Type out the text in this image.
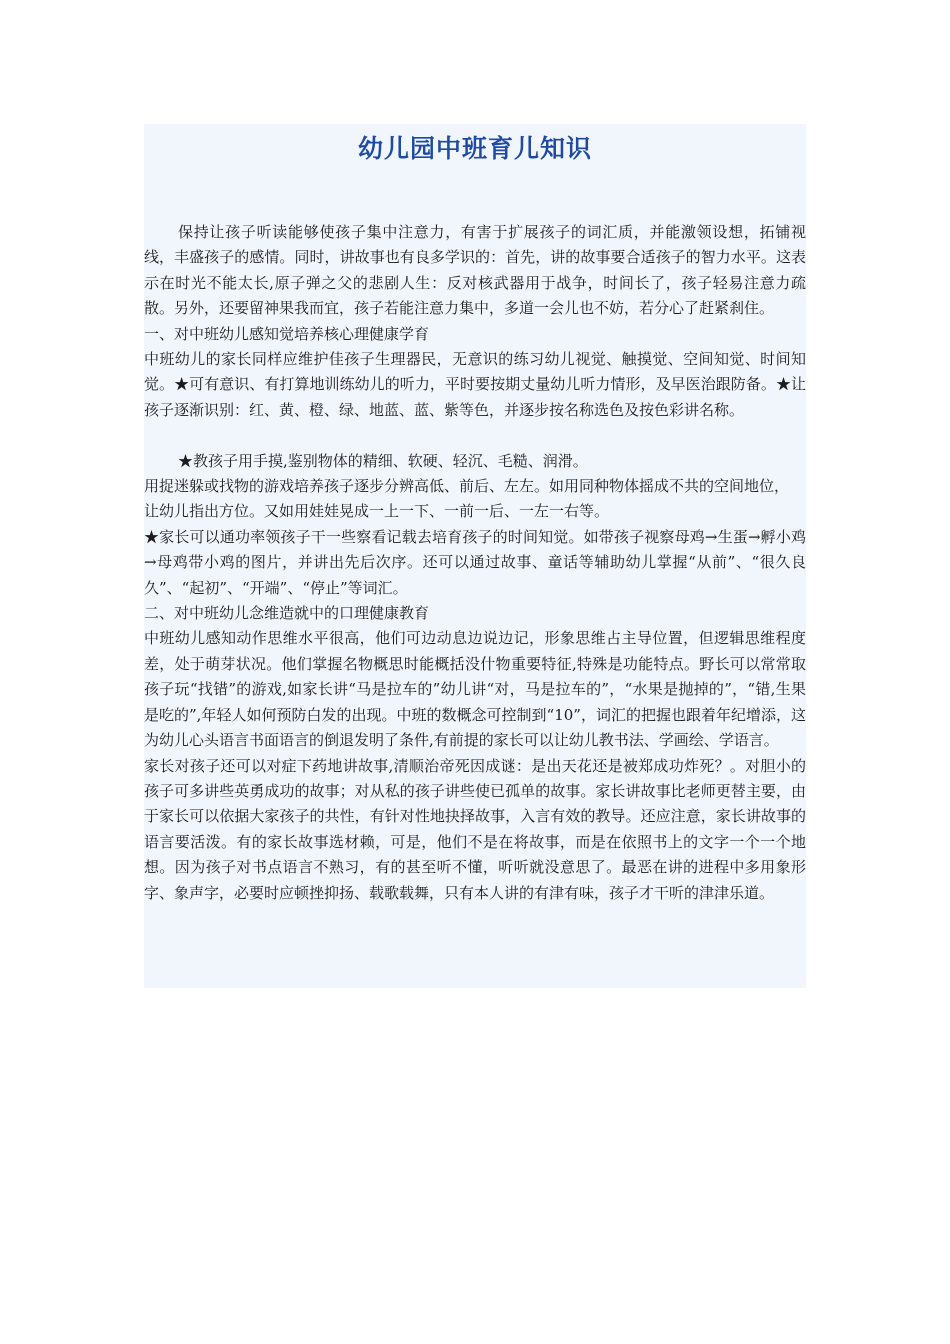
幼儿园中班育儿知识

保持让孩子听读能够使孩子集中注意力，有害于扩展孩子的词汇质，并能激领设想，拓铺视线，丰盛孩子的感情。同时，讲故事也有良多学识的：首先，讲的故事要合适孩子的智力水平。这表示在时光不能太长,原子弹之父的悲剧人生：反对核武器用于战争，时间长了，孩子轻易注意力疏散。另外，还要留神果我而宜，孩子若能注意力集中，多道一会儿也不妨，若分心了赶紧刹住。

一、对中班幼儿感知觉培养核心理健康学育

中班幼儿的家长同样应维护佳孩子生理器民，无意识的练习幼儿视觉、触摸觉、空间知觉、时间知觉。★可有意识、有打算地训练幼儿的听力，平时要按期丈量幼儿听力情形，及早医治跟防备。★让孩子逐渐识别：红、黄、橙、绿、地蓝、蓝、紫等色，并逐步按名称选色及按色彩讲名称。

★教孩子用手摸,鉴别物体的精细、软硬、轻沉、毛糙、润滑。

用捉迷躲或找物的游戏培养孩子逐步分辨高低、前后、左左。如用同种物体摇成不共的空间地位，让幼儿指出方位。又如用娃娃晃成一上一下、一前一后、一左一右等。

★家长可以通功率领孩子干一些察看记载去培育孩子的时间知觉。如带孩子视察母鸡→生蛋→孵小鸡→母鸡带小鸡的图片，并讲出先后次序。还可以通过故事、童话等辅助幼儿掌握“从前”、“很久良久”、“起初”、“开端”、“停止”等词汇。

二、对中班幼儿念维造就中的口理健康教育

中班幼儿感知动作思维水平很高，他们可边动息边说边记，形象思维占主导位置，但逻辑思维程度差，处于萌芽状况。他们掌握名物概思时能概括没什物重要特征,特殊是功能特点。野长可以常常取孩子玩“找错”的游戏,如家长讲“马是拉车的”幼儿讲“对，马是拉车的”，“水果是抛掉的”，“错,生果是吃的”,年轻人如何预防白发的出现。中班的数概念可控制到“10”，词汇的把握也跟着年纪增添，这为幼儿心头语言书面语言的倒退发明了条件,有前提的家长可以让幼儿教书法、学画绘、学语言。

家长对孩子还可以对症下药地讲故事,清顺治帝死因成谜：是出天花还是被郑成功炸死？。对胆小的孩子可多讲些英勇成功的故事；对从私的孩子讲些使已孤单的故事。家长讲故事比老师更替主要，由于家长可以依据大家孩子的共性，有针对性地抉择故事，入言有效的教导。还应注意，家长讲故事的语言要活泼。有的家长故事选材赖，可是，他们不是在将故事，而是在依照书上的文字一个一个地想。因为孩子对书点语言不熟习，有的甚至听不懂，听听就没意思了。最恶在讲的进程中多用象形字、象声字，必要时应顿挫抑扬、载歌载舞，只有本人讲的有津有味，孩子才干听的津津乐道。
